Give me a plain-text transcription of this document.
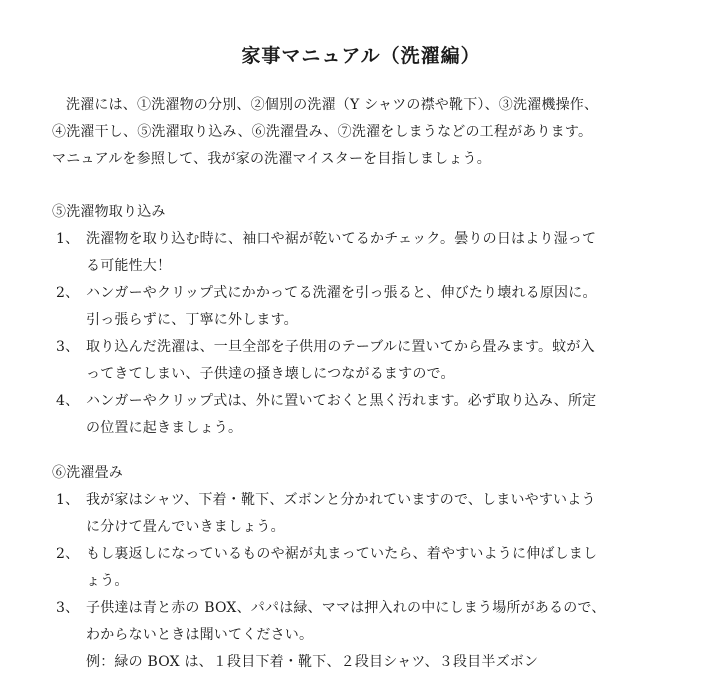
家事マニュアル（洗濯編）
洗濯には、①洗濯物の分別、②個別の洗濯（Y シャツの襟や靴下）、③洗濯機操作、
④洗濯干し、⑤洗濯取り込み、⑥洗濯畳み、⑦洗濯をしまうなどの工程があります。
マニュアルを参照して、我が家の洗濯マイスターを目指しましょう。
⑤洗濯物取り込み
1、 洗濯物を取り込む時に、袖口や裾が乾いてるかチェック。曇りの日はより湿って
る可能性大！
2、 ハンガーやクリップ式にかかってる洗濯を引っ張ると、伸びたり壊れる原因に。
引っ張らずに、丁寧に外します。
3、 取り込んだ洗濯は、一旦全部を子供用のテーブルに置いてから畳みます。蚊が入
ってきてしまい、子供達の掻き壊しにつながるますので。
4、 ハンガーやクリップ式は、外に置いておくと黒く汚れます。必ず取り込み、所定
の位置に起きましょう。
⑥洗濯畳み
1、 我が家はシャツ、下着・靴下、ズボンと分かれていますので、しまいやすいよう
に分けて畳んでいきましょう。
2、 もし裏返しになっているものや裾が丸まっていたら、着やすいように伸ばしまし
ょう。
3、 子供達は青と赤の BOX、パパは緑、ママは押入れの中にしまう場所があるので、
わからないときは聞いてください。
例：緑の BOX は、１段目下着・靴下、２段目シャツ、３段目半ズボン
